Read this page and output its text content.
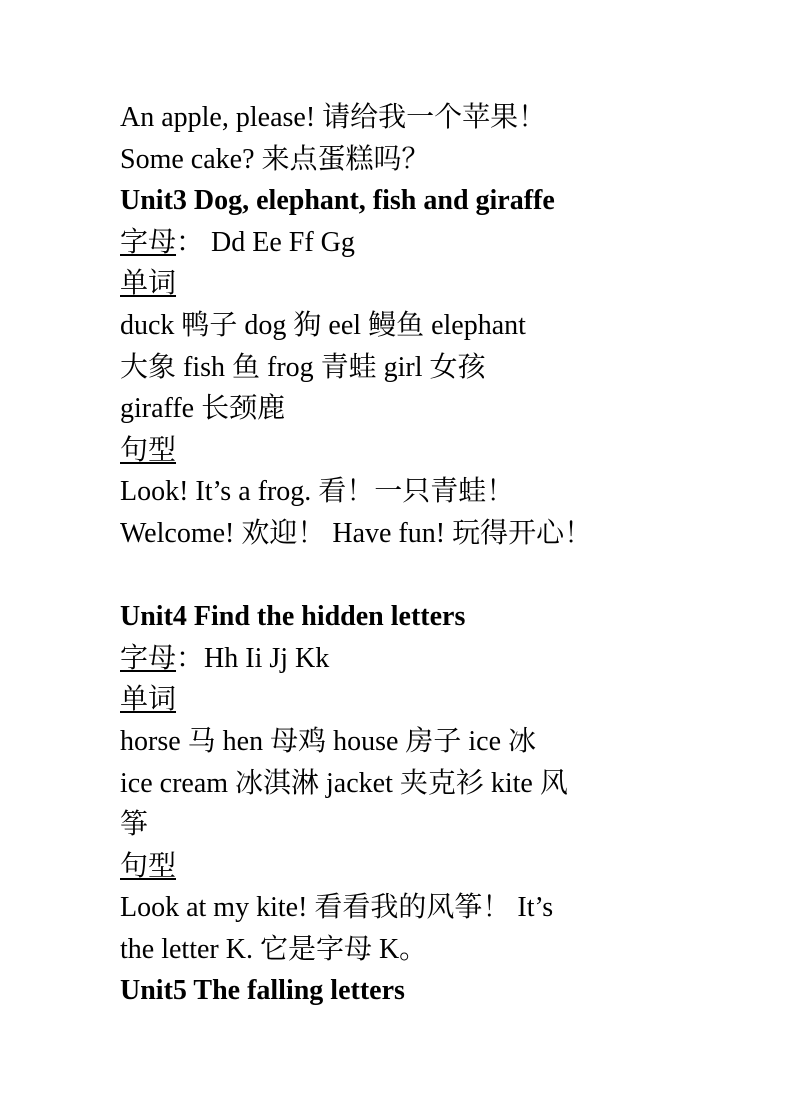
An apple, please! 请给我一个苹果！
Some cake? 来点蛋糕吗？
Unit3 Dog, elephant, fish and giraffe
字母： Dd Ee Ff Gg
单词
duck 鸭子 dog 狗 eel 鳗鱼 elephant
大象 fish 鱼 frog 青蛙 girl 女孩
giraffe 长颈鹿
句型
Look! It’s a frog. 看！一只青蛙！
Welcome! 欢迎！ Have fun! 玩得开心！
Unit4 Find the hidden letters
字母：Hh Ii Jj Kk
单词
horse 马 hen 母鸡 house 房子 ice 冰
ice cream 冰淇淋 jacket 夹克衫 kite 风
筝
句型
Look at my kite! 看看我的风筝！ It’s
the letter K. 它是字母 K。
Unit5 The falling letters
